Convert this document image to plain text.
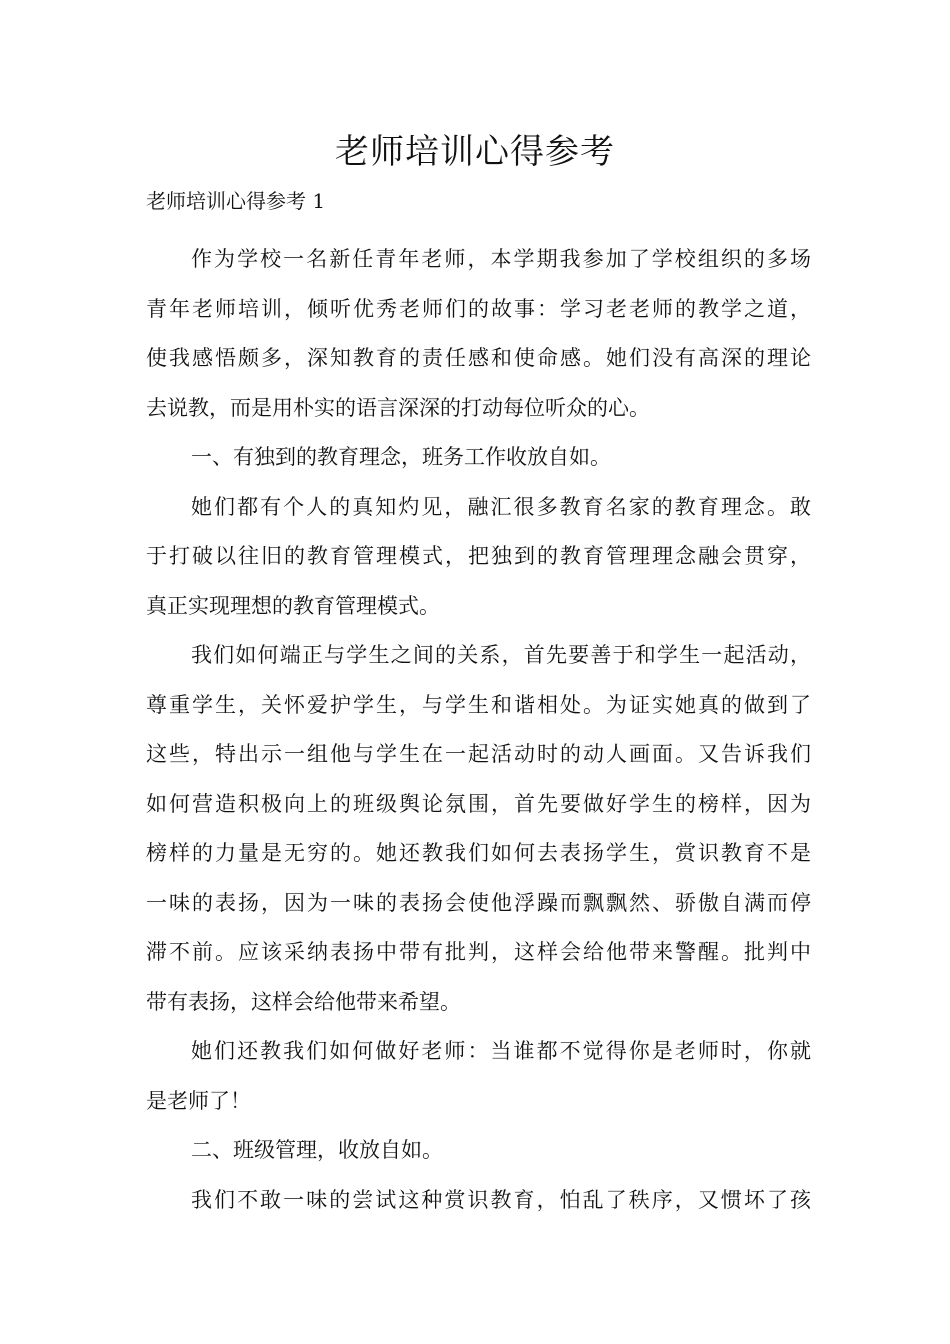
老师培训心得参考

老师培训心得参考 1

作为学校一名新任青年老师，本学期我参加了学校组织的多场
青年老师培训，倾听优秀老师们的故事：学习老老师的教学之道，
使我感悟颇多，深知教育的责任感和使命感。她们没有高深的理论
去说教，而是用朴实的语言深深的打动每位听众的心。
一、有独到的教育理念，班务工作收放自如。
她们都有个人的真知灼见，融汇很多教育名家的教育理念。敢
于打破以往旧的教育管理模式，把独到的教育管理理念融会贯穿，
真正实现理想的教育管理模式。
我们如何端正与学生之间的关系，首先要善于和学生一起活动，
尊重学生，关怀爱护学生，与学生和谐相处。为证实她真的做到了
这些，特出示一组他与学生在一起活动时的动人画面。又告诉我们
如何营造积极向上的班级舆论氛围，首先要做好学生的榜样，因为
榜样的力量是无穷的。她还教我们如何去表扬学生，赏识教育不是
一味的表扬，因为一味的表扬会使他浮躁而飘飘然、骄傲自满而停
滞不前。应该采纳表扬中带有批判，这样会给他带来警醒。批判中
带有表扬，这样会给他带来希望。
她们还教我们如何做好老师：当谁都不觉得你是老师时，你就
是老师了！
二、班级管理，收放自如。
我们不敢一味的尝试这种赏识教育，怕乱了秩序，又惯坏了孩
